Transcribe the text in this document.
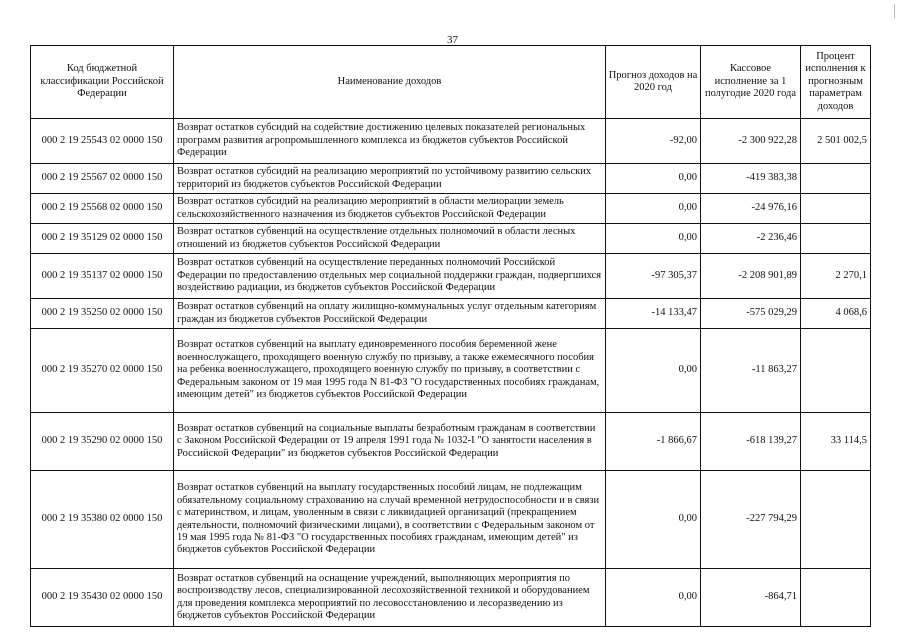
37
Код бюджетной классификации Российской Федерации	Наименование доходов	Прогноз доходов на 2020 год	Кассовое исполнение за 1 полугодие 2020 года	Процент исполнения к прогнозным параметрам доходов
000 2 19 25543 02 0000 150	Возврат остатков субсидий на содействие достижению целевых показателей региональных программ развития агропромышленного комплекса из бюджетов субъектов Российской Федерации	-92,00	-2 300 922,28	2 501 002,5
000 2 19 25567 02 0000 150	Возврат остатков субсидий на реализацию мероприятий по устойчивому развитию сельских территорий из бюджетов субъектов Российской Федерации	0,00	-419 383,38	
000 2 19 25568 02 0000 150	Возврат остатков субсидий на реализацию мероприятий в области мелиорации земель сельскохозяйственного назначения из бюджетов субъектов Российской Федерации	0,00	-24 976,16	
000 2 19 35129 02 0000 150	Возврат остатков субвенций на осуществление отдельных полномочий в области лесных отношений из бюджетов субъектов Российской Федерации	0,00	-2 236,46	
000 2 19 35137 02 0000 150	Возврат остатков субвенций на осуществление переданных полномочий Российской Федерации по предоставлению отдельных мер социальной поддержки граждан, подвергшихся воздействию радиации, из бюджетов субъектов Российской Федерации	-97 305,37	-2 208 901,89	2 270,1
000 2 19 35250 02 0000 150	Возврат остатков субвенций на оплату жилищно-коммунальных услуг отдельным категориям граждан из бюджетов субъектов Российской Федерации	-14 133,47	-575 029,29	4 068,6
000 2 19 35270 02 0000 150	Возврат остатков субвенций на выплату единовременного пособия беременной жене военнослужащего, проходящего военную службу по призыву, а также ежемесячного пособия на ребенка военнослужащего, проходящего военную службу по призыву, в соответствии с Федеральным законом от 19 мая 1995 года N 81-ФЗ "О государственных пособиях гражданам, имеющим детей" из бюджетов субъектов Российской Федерации	0,00	-11 863,27	
000 2 19 35290 02 0000 150	Возврат остатков субвенций на социальные выплаты безработным гражданам в соответствии с Законом Российской Федерации от 19 апреля 1991 года № 1032-I "О занятости населения в Российской Федерации" из бюджетов субъектов Российской Федерации	-1 866,67	-618 139,27	33 114,5
000 2 19 35380 02 0000 150	Возврат остатков субвенций на выплату государственных пособий лицам, не подлежащим обязательному социальному страхованию на случай временной нетрудоспособности и в связи с материнством, и лицам, уволенным в связи с ликвидацией организаций (прекращением деятельности, полномочий физическими лицами), в соответствии с Федеральным законом от 19 мая 1995 года № 81-ФЗ "О государственных пособиях гражданам, имеющим детей" из бюджетов субъектов Российской Федерации	0,00	-227 794,29	
000 2 19 35430 02 0000 150	Возврат остатков субвенций на оснащение учреждений, выполняющих мероприятия по воспроизводству лесов, специализированной лесохозяйственной техникой и оборудованием для проведения комплекса мероприятий по лесовосстановлению и лесоразведению из бюджетов субъектов Российской Федерации	0,00	-864,71	
